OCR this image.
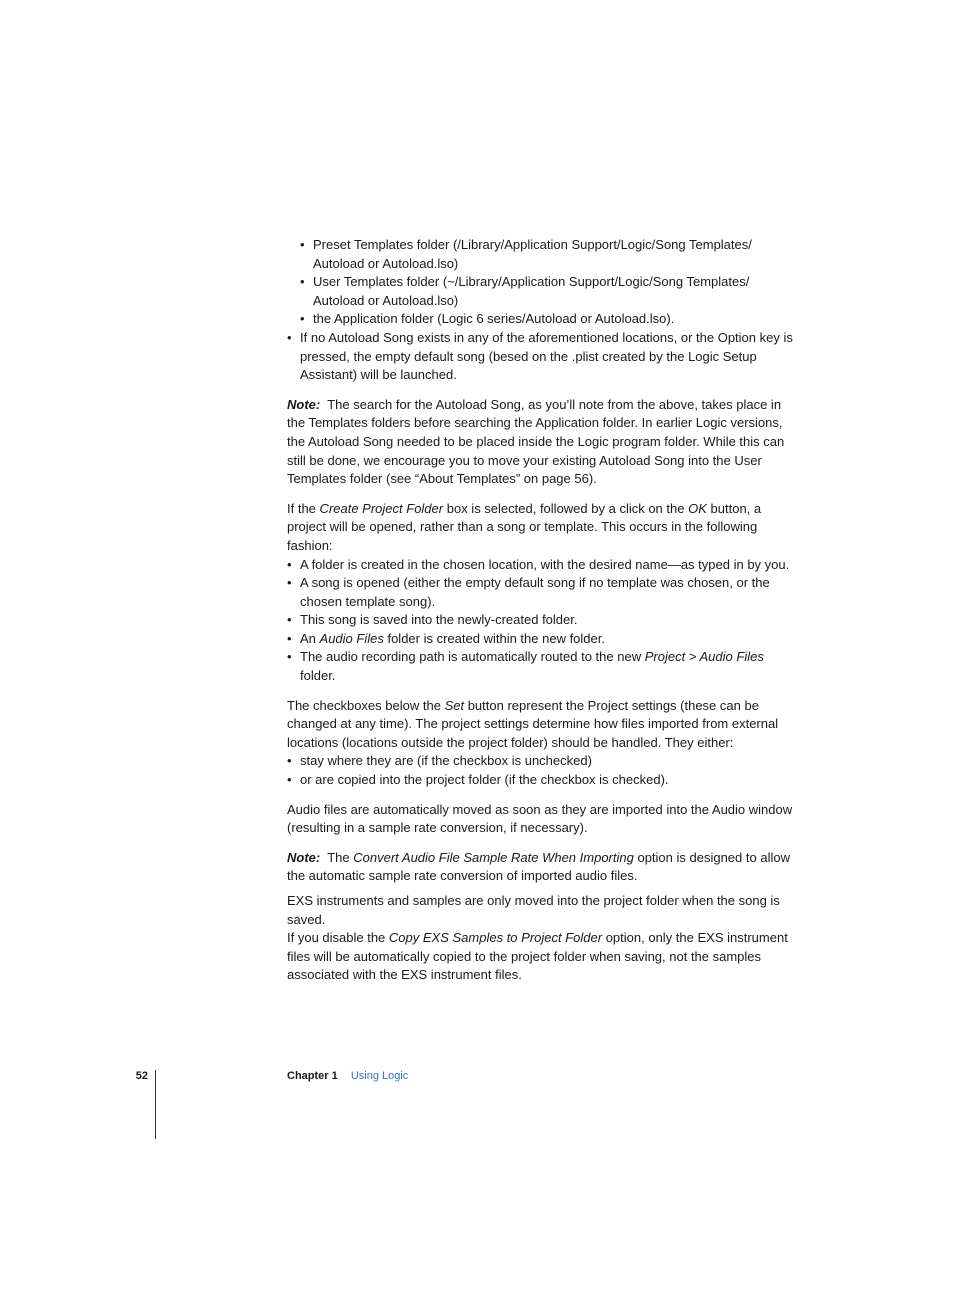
• Preset Templates folder (/Library/Application Support/Logic/Song Templates/ Autoload or Autoload.lso)
• User Templates folder (~/Library/Application Support/Logic/Song Templates/ Autoload or Autoload.lso)
• the Application folder (Logic 6 series/Autoload or Autoload.lso).
• If no Autoload Song exists in any of the aforementioned locations, or the Option key is pressed, the empty default song (besed on the .plist created by the Logic Setup Assistant) will be launched.

Note: The search for the Autoload Song, as you’ll note from the above, takes place in the Templates folders before searching the Application folder. In earlier Logic versions, the Autoload Song needed to be placed inside the Logic program folder. While this can still be done, we encourage you to move your existing Autoload Song into the User Templates folder (see “About Templates” on page 56).

If the Create Project Folder box is selected, followed by a click on the OK button, a project will be opened, rather than a song or template. This occurs in the following fashion:

• A folder is created in the chosen location, with the desired name—as typed in by you.
• A song is opened (either the empty default song if no template was chosen, or the chosen template song).
• This song is saved into the newly-created folder.
• An Audio Files folder is created within the new folder.
• The audio recording path is automatically routed to the new Project > Audio Files folder.

The checkboxes below the Set button represent the Project settings (these can be changed at any time). The project settings determine how files imported from external locations (locations outside the project folder) should be handled. They either:

• stay where they are (if the checkbox is unchecked)
• or are copied into the project folder (if the checkbox is checked).

Audio files are automatically moved as soon as they are imported into the Audio window (resulting in a sample rate conversion, if necessary).

Note: The Convert Audio File Sample Rate When Importing option is designed to allow the automatic sample rate conversion of imported audio files.

EXS instruments and samples are only moved into the project folder when the song is saved.

If you disable the Copy EXS Samples to Project Folder option, only the EXS instrument files will be automatically copied to the project folder when saving, not the samples associated with the EXS instrument files.

52	Chapter 1 Using Logic
